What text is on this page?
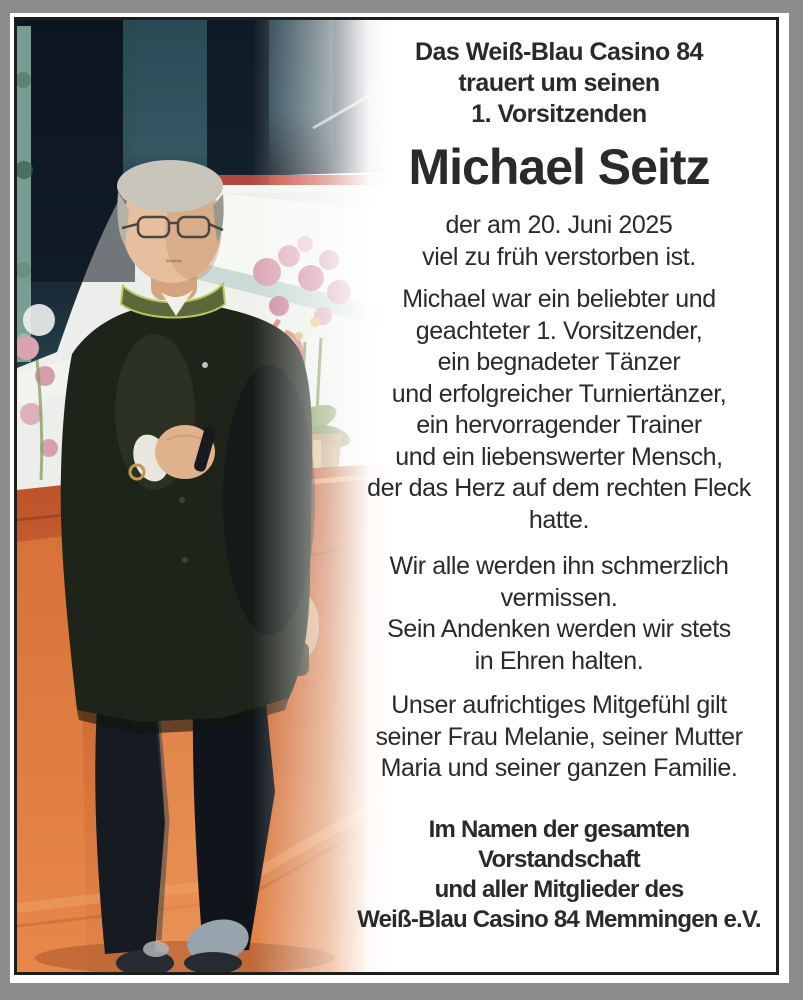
Das Weiß-Blau Casino 84
trauert um seinen
1. Vorsitzenden
Michael Seitz
der am 20. Juni 2025
viel zu früh verstorben ist.
Michael war ein beliebter und
geachteter 1. Vorsitzender,
ein begnadeter Tänzer
und erfolgreicher Turniertänzer,
ein hervorragender Trainer
und ein liebenswerter Mensch,
der das Herz auf dem rechten Fleck
hatte.
Wir alle werden ihn schmerzlich
vermissen.
Sein Andenken werden wir stets
in Ehren halten.
Unser aufrichtiges Mitgefühl gilt
seiner Frau Melanie, seiner Mutter
Maria und seiner ganzen Familie.
Im Namen der gesamten
Vorstandschaft
und aller Mitglieder des
Weiß-Blau Casino 84 Memmingen e.V.
